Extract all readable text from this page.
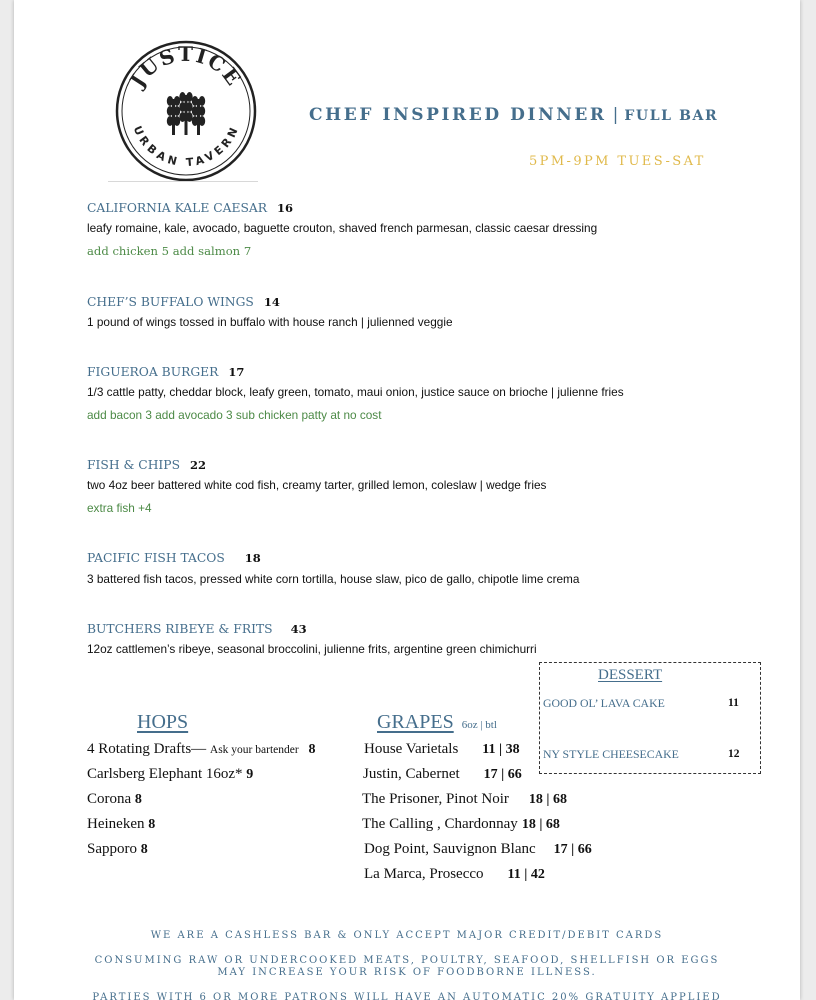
JUSTICE
URBAN TAVERN
CHEF INSPIRED DINNER | FULL BAR
5PM-9PM TUES-SAT
CALIFORNIA KALE CAESAR 16
leafy romaine, kale, avocado, baguette crouton, shaved french parmesan, classic caesar dressing
add chicken 5 add salmon 7
CHEF’S BUFFALO WINGS 14
1 pound of wings tossed in buffalo with house ranch | julienned veggie
FIGUEROA BURGER 17
1/3 cattle patty, cheddar block, leafy green, tomato, maui onion, justice sauce on brioche | julienne fries
add bacon 3 add avocado 3 sub chicken patty at no cost
FISH & CHIPS 22
two 4oz beer battered white cod fish, creamy tarter, grilled lemon, coleslaw | wedge fries
extra fish +4
PACIFIC FISH TACOS 18
3 battered fish tacos, pressed white corn tortilla, house slaw, pico de gallo, chipotle lime crema
BUTCHERS RIBEYE & FRITS 43
12oz cattlemen’s ribeye, seasonal broccolini, julienne frits, argentine green chimichurri
DESSERT
GOOD OL’ LAVA CAKE	11
NY STYLE CHEESECAKE	12
HOPS
4 Rotating Drafts— Ask your bartender 8
Carlsberg Elephant 16oz* 9
Corona 8
Heineken 8
Sapporo 8
GRAPES 6oz | btl
House Varietals 11 | 38
Justin, Cabernet 17 | 66
The Prisoner, Pinot Noir 18 | 68
The Calling , Chardonnay 18 | 68
Dog Point, Sauvignon Blanc 17 | 66
La Marca, Prosecco 11 | 42
WE ARE A CASHLESS BAR & ONLY ACCEPT MAJOR CREDIT/DEBIT CARDS
CONSUMING RAW OR UNDERCOOKED MEATS, POULTRY, SEAFOOD, SHELLFISH OR EGGS
MAY INCREASE YOUR RISK OF FOODBORNE ILLNESS.
PARTIES WITH 6 OR MORE PATRONS WILL HAVE AN AUTOMATIC 20% GRATUITY APPLIED
